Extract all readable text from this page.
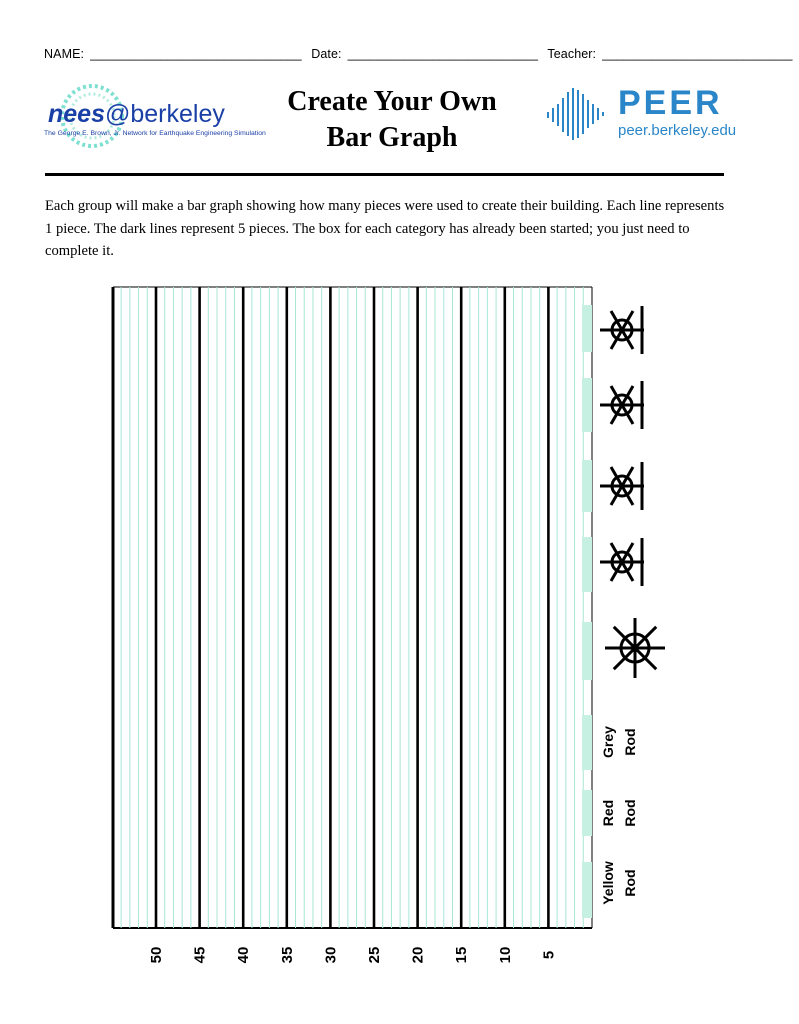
NAME: ______________________________ Date: ___________________________ Teacher: ___________________________
nees@berkeley
The George E. Brown, Jr. Network for Earthquake Engineering Simulation
Create Your Own
Bar Graph
PEER
peer.berkeley.edu
Each group will make a bar graph showing how many pieces were used to create their building. Each line represents 1 piece. The dark lines represent 5 pieces. The box for each category has already been started; you just need to complete it.
5
10
15
20
25
30
35
40
45
50
Grey Rod
Red Rod
Yellow Rod
